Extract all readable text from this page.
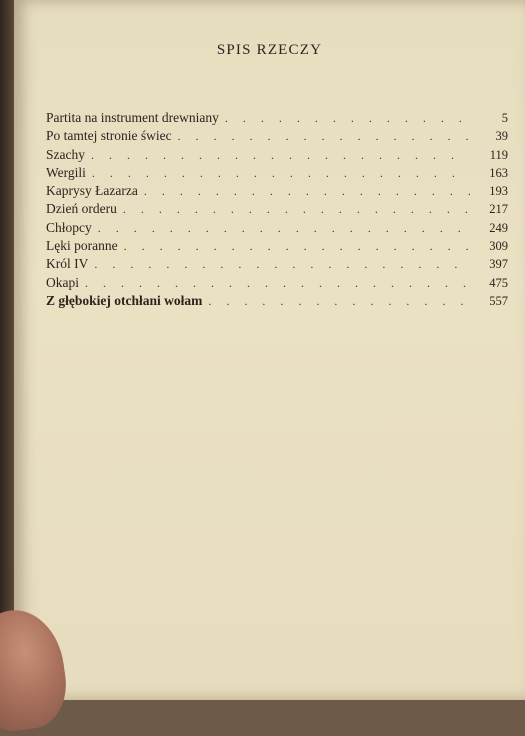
SPIS RZECZY
Partita na instrument drewniany . . .	5
Po tamtej stronie świec . . .	39
Szachy . . .	119
Wergili . . .	163
Kaprysy Łazarza . . .	193
Dzień orderu . . .	217
Chłopcy . . .	249
Lęki poranne . . .	309
Król IV . . .	397
Okapi . . .	475
Z głębokiej otchłani wołam . . .	557
